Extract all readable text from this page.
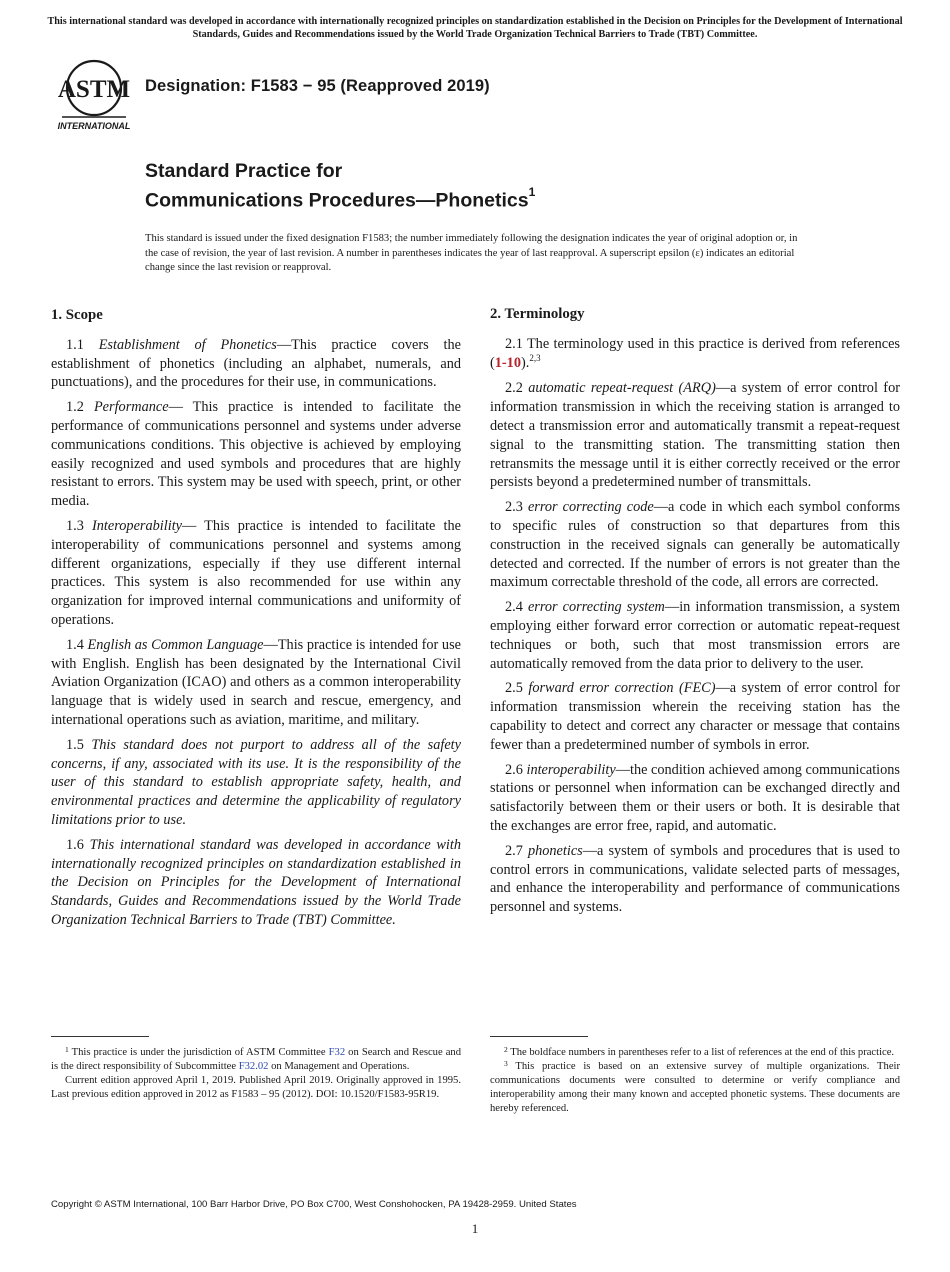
This international standard was developed in accordance with internationally recognized principles on standardization established in the Decision on Principles for the Development of International Standards, Guides and Recommendations issued by the World Trade Organization Technical Barriers to Trade (TBT) Committee.
ASTM
INTERNATIONAL
Designation: F1583 − 95 (Reapproved 2019)
Standard Practice for
Communications Procedures—Phonetics$^1$
This standard is issued under the fixed designation F1583; the number immediately following the designation indicates the year of original adoption or, in the case of revision, the year of last revision. A number in parentheses indicates the year of last reapproval. A superscript epsilon (ε) indicates an editorial change since the last revision or reapproval.
1. Scope

1.1 Establishment of Phonetics—This practice covers the establishment of phonetics (including an alphabet, numerals, and punctuations), and the procedures for their use, in communications.

1.2 Performance— This practice is intended to facilitate the performance of communications personnel and systems under adverse communications conditions. This objective is achieved by employing easily recognized and used symbols and procedures that are highly resistant to errors. This system may be used with speech, print, or other media.

1.3 Interoperability— This practice is intended to facilitate the interoperability of communications personnel and systems among different organizations, especially if they use different internal practices. This system is also recommended for use within any organization for improved internal communications and uniformity of operations.

1.4 English as Common Language—This practice is intended for use with English. English has been designated by the International Civil Aviation Organization (ICAO) and others as a common interoperability language that is widely used in search and rescue, emergency, and international operations such as aviation, maritime, and military.

1.5 This standard does not purport to address all of the safety concerns, if any, associated with its use. It is the responsibility of the user of this standard to establish appropriate safety, health, and environmental practices and determine the applicability of regulatory limitations prior to use.

1.6 This international standard was developed in accordance with internationally recognized principles on standardization established in the Decision on Principles for the Development of International Standards, Guides and Recommendations issued by the World Trade Organization Technical Barriers to Trade (TBT) Committee.

2. Terminology

2.1 The terminology used in this practice is derived from references (1-10).$^{2,3}$

2.2 automatic repeat-request (ARQ)—a system of error control for information transmission in which the receiving station is arranged to detect a transmission error and automatically transmit a repeat-request signal to the transmitting station. The transmitting station then retransmits the message until it is either correctly received or the error persists beyond a predetermined number of transmittals.

2.3 error correcting code—a code in which each symbol conforms to specific rules of construction so that departures from this construction in the received signals can generally be automatically detected and corrected. If the number of errors is not greater than the maximum correctable threshold of the code, all errors are corrected.

2.4 error correcting system—in information transmission, a system employing either forward error correction or automatic repeat-request techniques or both, such that most transmission errors are automatically removed from the data prior to delivery to the user.

2.5 forward error correction (FEC)—a system of error control for information transmission wherein the receiving station has the capability to detect and correct any character or message that contains fewer than a predetermined number of symbols in error.

2.6 interoperability—the condition achieved among communications stations or personnel when information can be exchanged directly and satisfactorily between them or their users or both. It is desirable that the exchanges are error free, rapid, and automatic.

2.7 phonetics—a system of symbols and procedures that is used to control errors in communications, validate selected parts of messages, and enhance the interoperability and performance of communications personnel and systems.

$^1$ This practice is under the jurisdiction of ASTM Committee F32 on Search and Rescue and is the direct responsibility of Subcommittee F32.02 on Management and Operations.

Current edition approved April 1, 2019. Published April 2019. Originally approved in 1995. Last previous edition approved in 2012 as F1583 – 95 (2012). DOI: 10.1520/F1583-95R19.

$^2$ The boldface numbers in parentheses refer to a list of references at the end of this practice.

$^3$ This practice is based on an extensive survey of multiple organizations. Their communications documents were consulted to determine or verify compliance and interoperability among their many known and accepted phonetic systems. These documents are hereby referenced.

Copyright © ASTM International, 100 Barr Harbor Drive, PO Box C700, West Conshohocken, PA 19428-2959. United States
1
